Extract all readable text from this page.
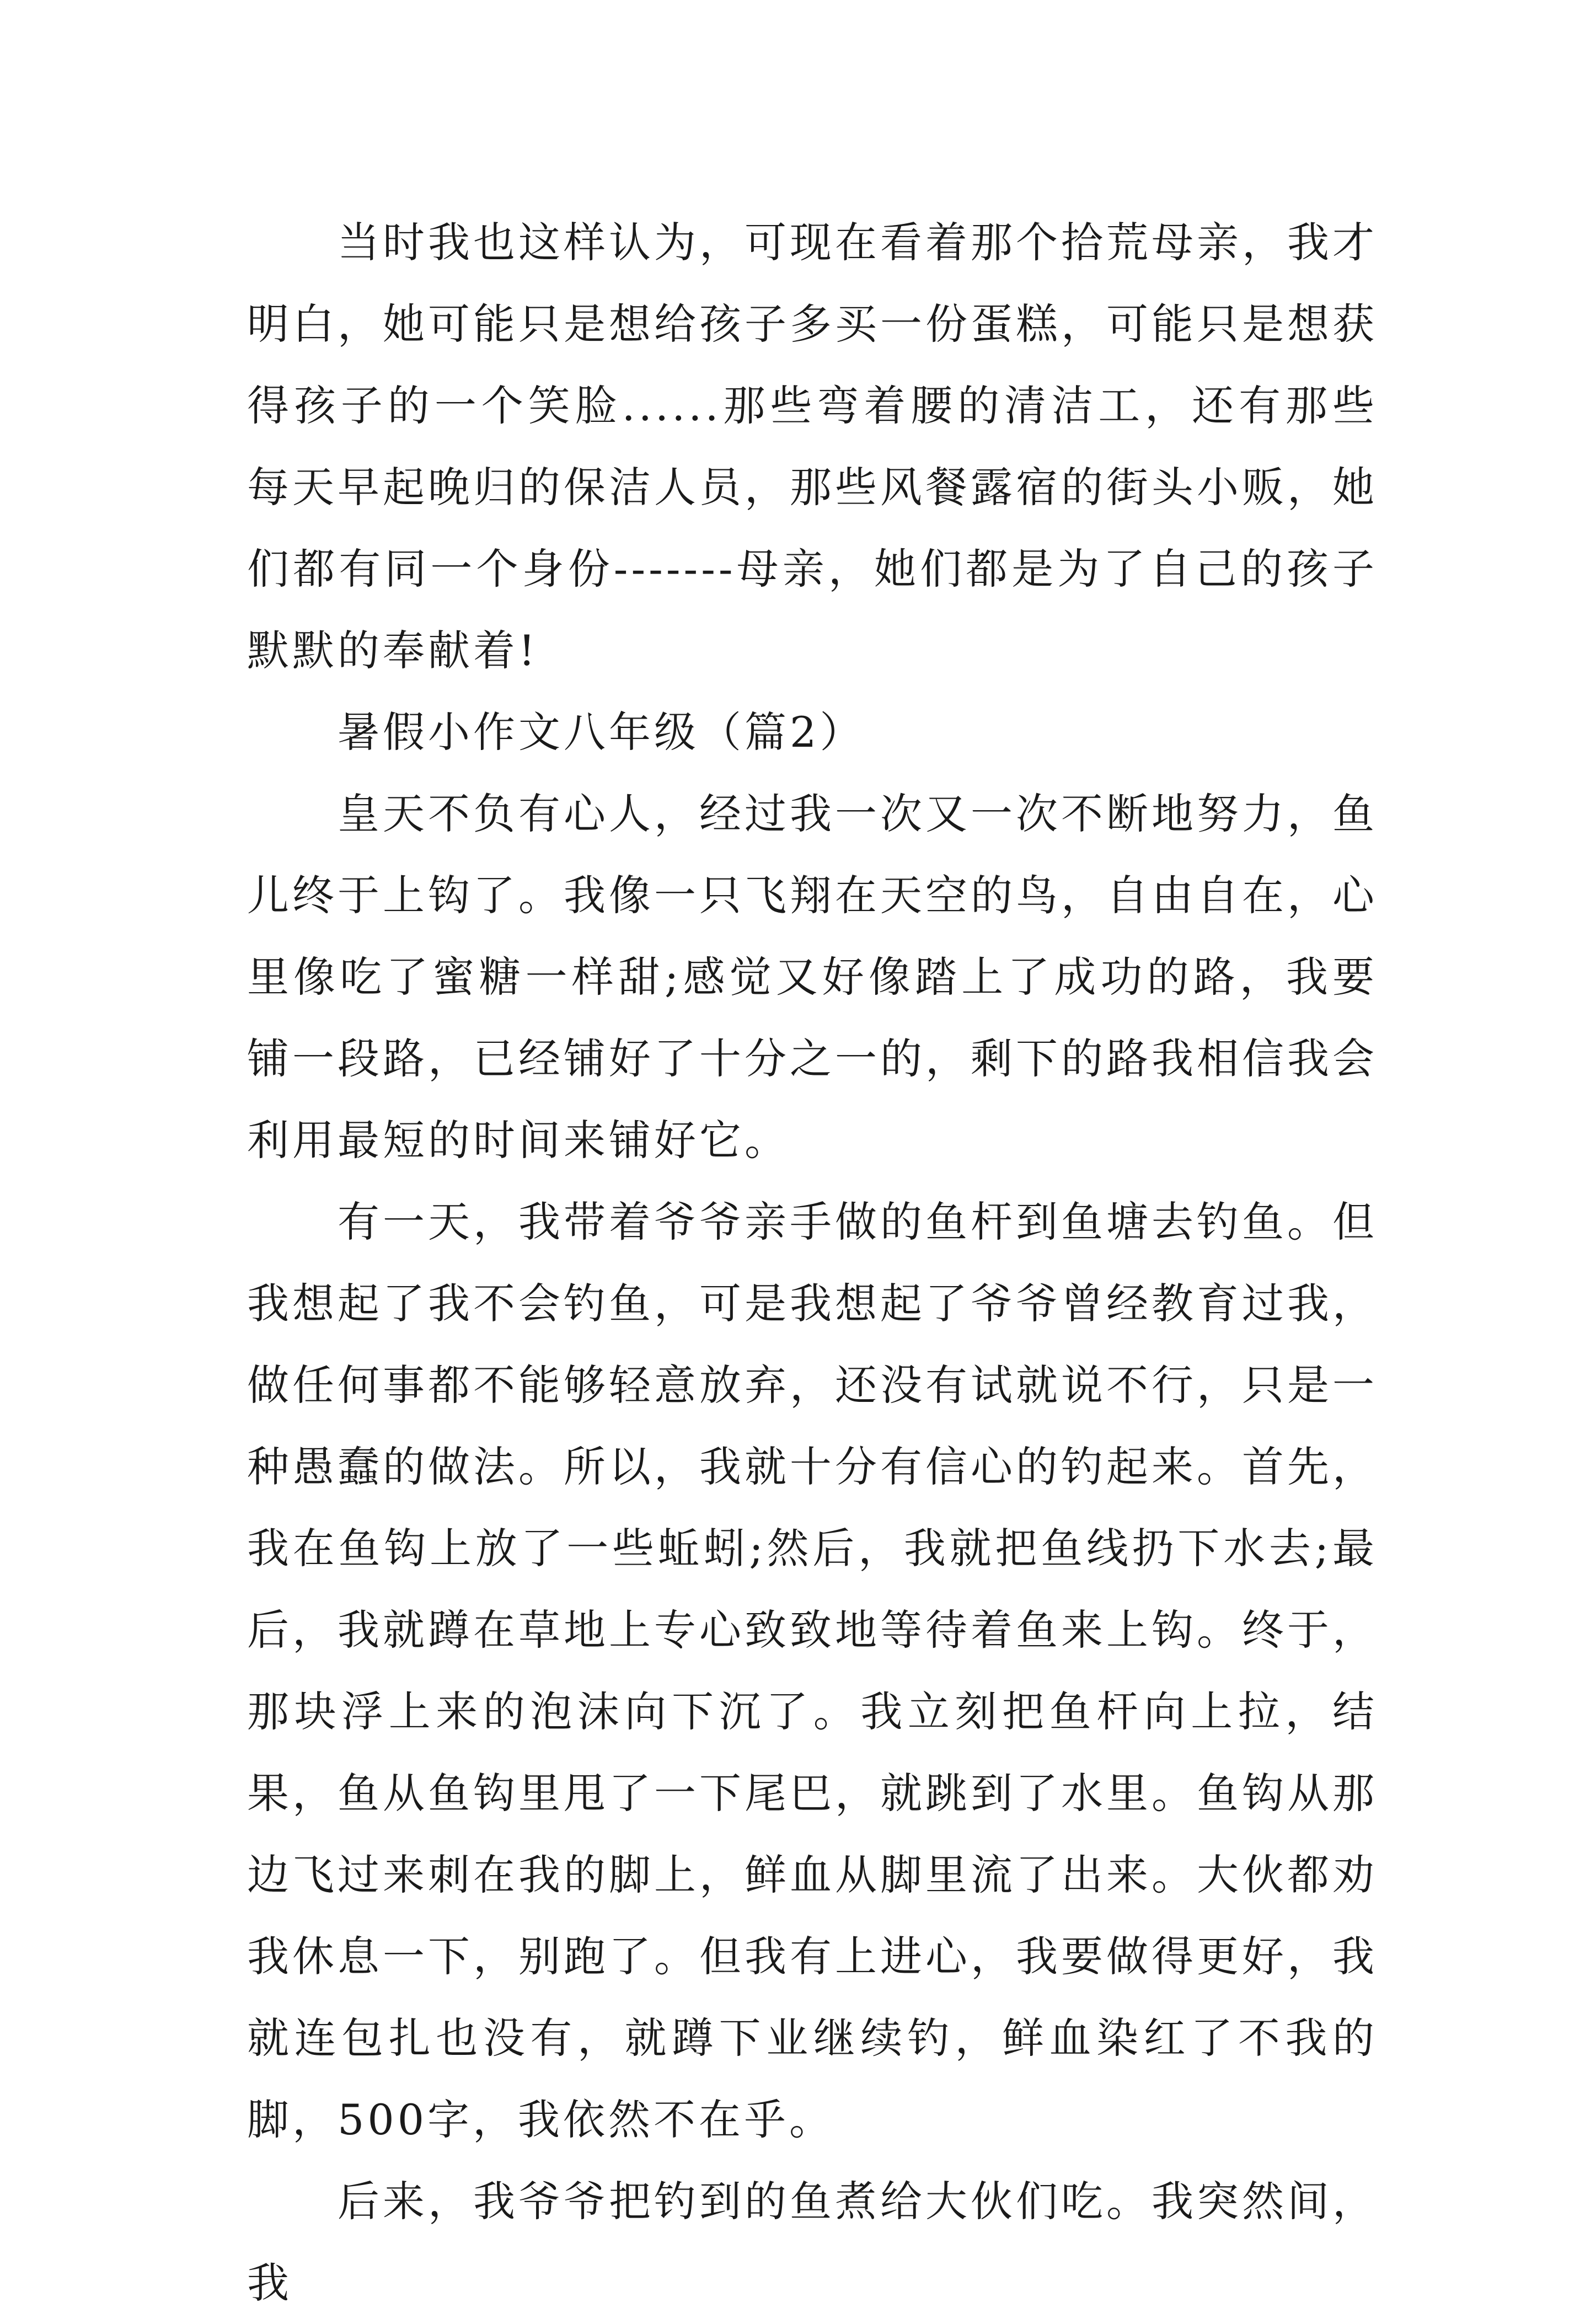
当时我也这样认为，可现在看着那个拾荒母亲，我才明白，她可能只是想给孩子多买一份蛋糕，可能只是想获得孩子的一个笑脸......那些弯着腰的清洁工，还有那些每天早起晚归的保洁人员，那些风餐露宿的街头小贩，她们都有同一个身份-------母亲，她们都是为了自己的孩子默默的奉献着!

暑假小作文八年级（篇2）

皇天不负有心人，经过我一次又一次不断地努力，鱼儿终于上钩了。我像一只飞翔在天空的鸟，自由自在，心里像吃了蜜糖一样甜;感觉又好像踏上了成功的路，我要铺一段路，已经铺好了十分之一的，剩下的路我相信我会利用最短的时间来铺好它。

有一天，我带着爷爷亲手做的鱼杆到鱼塘去钓鱼。但我想起了我不会钓鱼，可是我想起了爷爷曾经教育过我，做任何事都不能够轻意放弃，还没有试就说不行，只是一种愚蠢的做法。所以，我就十分有信心的钓起来。首先，我在鱼钩上放了一些蚯蚓;然后，我就把鱼线扔下水去;最后，我就蹲在草地上专心致致地等待着鱼来上钩。终于，那块浮上来的泡沫向下沉了。我立刻把鱼杆向上拉，结果，鱼从鱼钩里甩了一下尾巴，就跳到了水里。鱼钩从那边飞过来刺在我的脚上，鲜血从脚里流了出来。大伙都劝我休息一下，别跑了。但我有上进心，我要做得更好，我就连包扎也没有，就蹲下业继续钓，鲜血染红了不我的脚，500字，我依然不在乎。

后来，我爷爷把钓到的鱼煮给大伙们吃。我突然间，我
